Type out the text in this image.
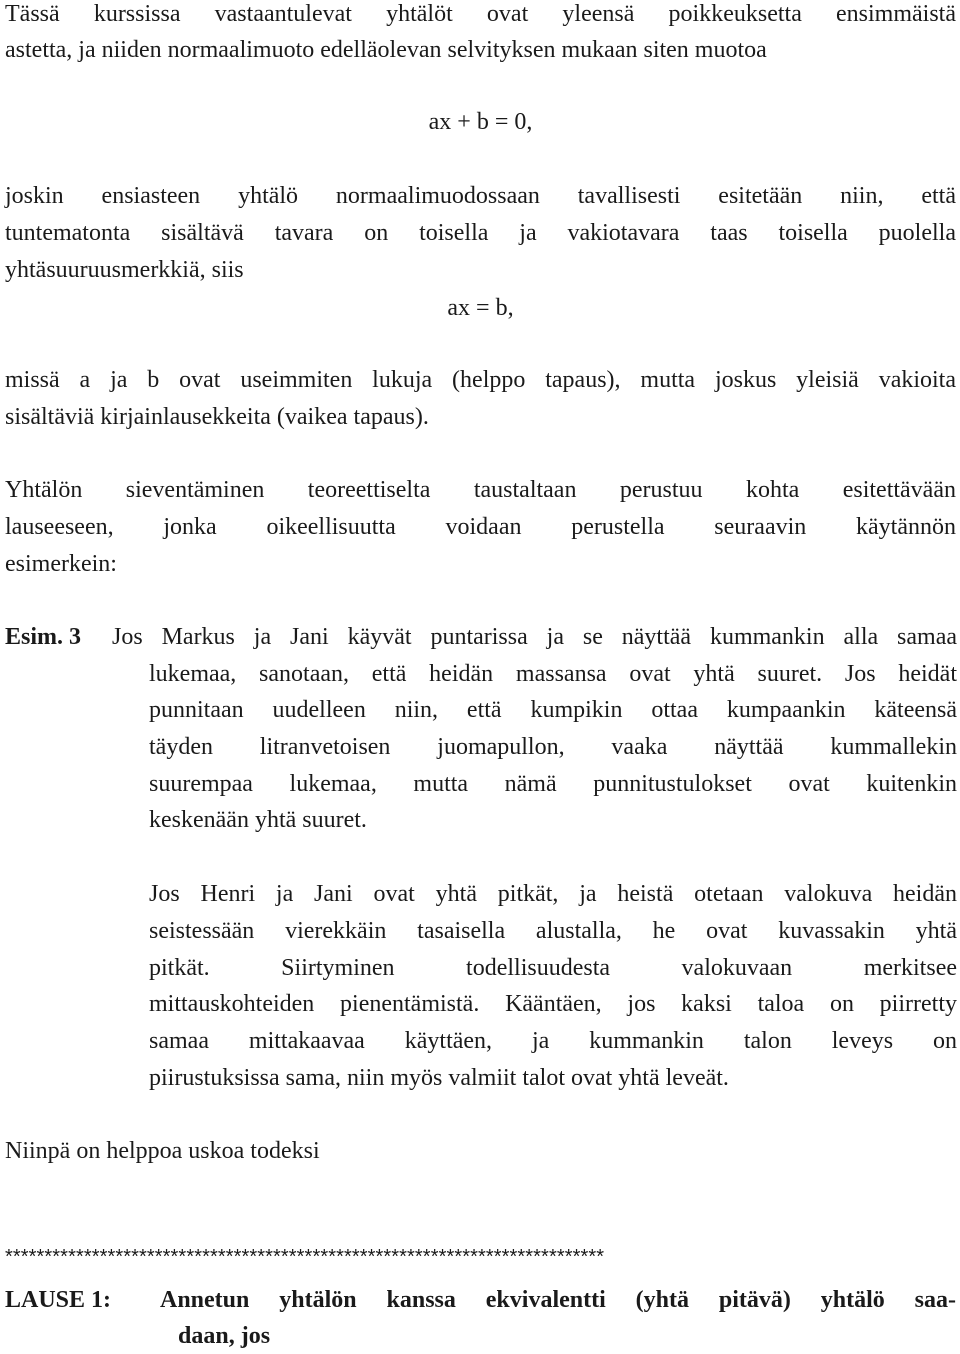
Tässä kurssissa vastaantulevat yhtälöt ovat yleensä poikkeuksetta ensimmäistä
astetta, ja niiden normaalimuoto edelläolevan selvityksen mukaan siten muotoa
ax + b = 0,
joskin ensiasteen yhtälö normaalimuodossaan tavallisesti esitetään niin, että
tuntematonta sisältävä tavara on toisella ja vakiotavara taas toisella puolella
yhtäsuuruusmerkkiä, siis
ax = b,
missä a ja b ovat useimmiten lukuja (helppo tapaus), mutta joskus yleisiä vakioita
sisältäviä kirjainlausekkeita (vaikea tapaus).
Yhtälön sieventäminen teoreettiselta taustaltaan perustuu kohta esitettävään
lauseeseen, jonka oikeellisuutta voidaan perustella seuraavin käytännön
esimerkein:
Esim. 3	Jos Markus ja Jani käyvät puntarissa ja se näyttää kummankin alla samaa
lukemaa, sanotaan, että heidän massansa ovat yhtä suuret. Jos heidät
punnitaan uudelleen niin, että kumpikin ottaa kumpaankin käteensä
täyden litranvetoisen juomapullon, vaaka näyttää kummallekin
suurempaa lukemaa, mutta nämä punnitustulokset ovat kuitenkin
keskenään yhtä suuret.
Jos Henri ja Jani ovat yhtä pitkät, ja heistä otetaan valokuva heidän
seistessään vierekkäin tasaisella alustalla, he ovat kuvassakin yhtä
pitkät. Siirtyminen todellisuudesta valokuvaan merkitsee
mittauskohteiden pienentämistä. Kääntäen, jos kaksi taloa on piirretty
samaa mittakaavaa käyttäen, ja kummankin talon leveys on
piirustuksissa sama, niin myös valmiit talot ovat yhtä leveät.
Niinpä on helppoa uskoa todeksi
****************************************************************************
LAUSE 1: Annetun yhtälön kanssa ekvivalentti (yhtä pitävä) yhtälö saa-
daan, jos
